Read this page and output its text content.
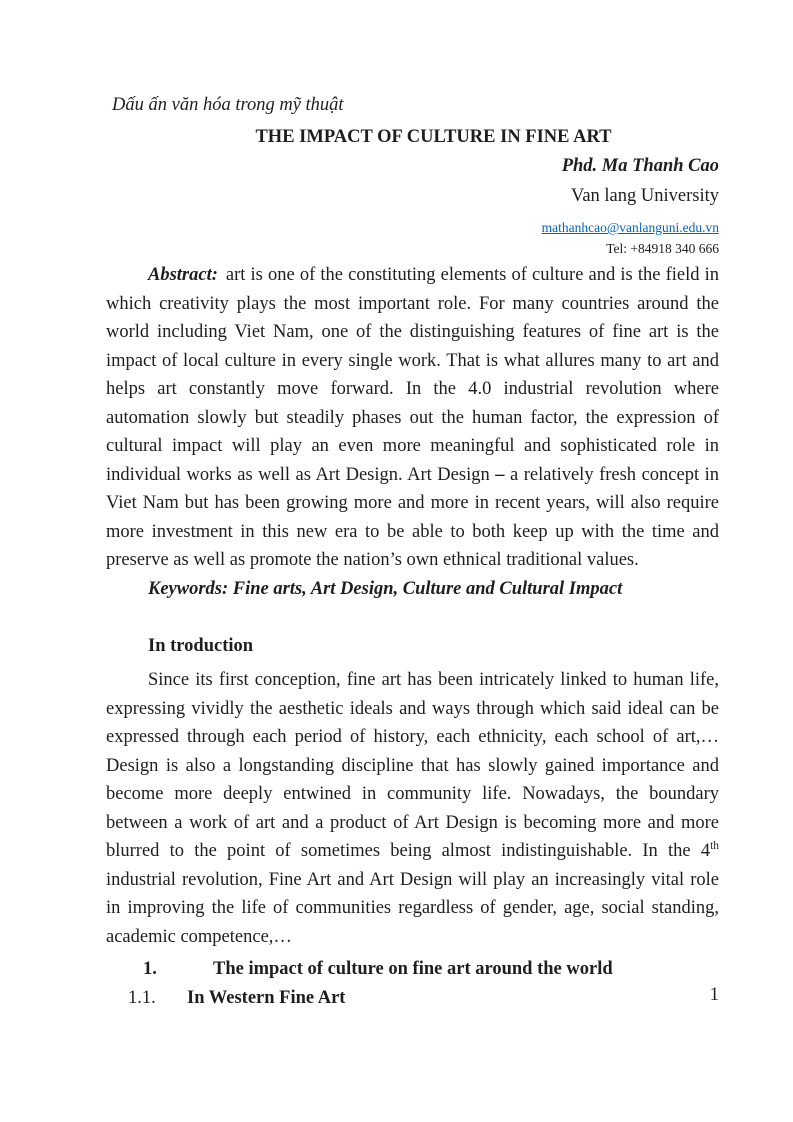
Dấu ấn văn hóa trong mỹ thuật

THE IMPACT OF CULTURE IN FINE ART

Phd. Ma Thanh Cao

Van lang University

mathanhcao@vanlanguni.edu.vn

Tel: +84918 340 666

Abstract: art is one of the constituting elements of culture and is the field in which creativity plays the most important role. For many countries around the world including Viet Nam, one of the distinguishing features of fine art is the impact of local culture in every single work. That is what allures many to art and helps art constantly move forward. In the 4.0 industrial revolution where automation slowly but steadily phases out the human factor, the expression of cultural impact will play an even more meaningful and sophisticated role in individual works as well as Art Design. Art Design – a relatively fresh concept in Viet Nam but has been growing more and more in recent years, will also require more investment in this new era to be able to both keep up with the time and preserve as well as promote the nation’s own ethnical traditional values.

Keywords: Fine arts, Art Design, Culture and Cultural Impact

In troduction

Since its first conception, fine art has been intricately linked to human life, expressing vividly the aesthetic ideals and ways through which said ideal can be expressed through each period of history, each ethnicity, each school of art,… Design is also a longstanding discipline that has slowly gained importance and become more deeply entwined in community life. Nowadays, the boundary between a work of art and a product of Art Design is becoming more and more blurred to the point of sometimes being almost indistinguishable. In the 4th industrial revolution, Fine Art and Art Design will play an increasingly vital role in improving the life of communities regardless of gender, age, social standing, academic competence,…

1.	The impact of culture on fine art around the world

1.1. In Western Fine Art	1
